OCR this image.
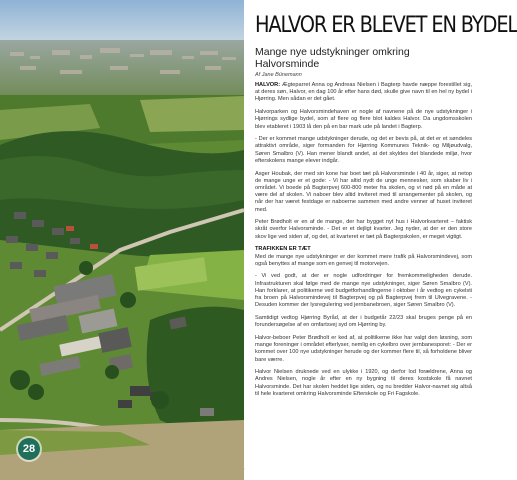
28
HALVOR ER BLEVET EN BYDEL

Mange nye udstykninger omkring Halvorsminde

Af Jane Bünemann

HALVOR: Ægteparret Anna og Andreas Nielsen i Bagterp havde næppe forestillet sig, at deres søn, Halvor, en dag 100 år efter hans død, skulle give navn til en hel ny bydel i Hjørring. Men sådan er det gået.

Halvorparken og Halvorsmindehaven er nogle af navnene på de nye udstykninger i Hjørrings sydlige bydel, som af flere og flere blot kaldes Halvor. Da ungdomsskolen blev etableret i 1903 lå den på en bar mark ude på landet i Bagterp.

- Der er kommet mange udstykninger derude, og det er bevis på, at det er et søndeles attraktivt område, siger formanden for Hjørring Kommunes Teknik- og Miljøudvalg, Søren Smalbro (V). Han mener blandt andet, at det skyldes det blandede miljø, hvor efterskolens mange elever indgår.

Asger Houbak, der med sin kone har boet tæt på Halvorsminde i 40 år, siger, at netop de mange unge er et gode: - Vi har altid nydt de unge mennesker, som skaber liv i området. Vi boede på Bagterpvej 600-800 meter fra skolen, og vi nød på en måde at være del af skolen. Vi naboer blev altid inviteret med til arrangementer på skolen, og når der har været festdage er naboerne sammen med andre venner af huset inviteret med.

Peter Brødholt er en af de mange, der har bygget nyt hus i Halvorkvarteret – faktisk skråt overfor Halvorsminde. - Det er et dejligt kvarter. Jeg nyder, at der er den store skov lige ved siden af, og det, at kvarteret er tæt på Bagterpskolen, er meget vigtigt.

TRAFIKKEN ER TÆT

Med de mange nye udstykninger er der kommet mere trafik på Halvorsmindevej, som også benyttes af mange som en genvej til motorvejen.

- Vi ved godt, at der er nogle udfordringer for fremkommeligheden derude. Infrastrukturen skal følge med de mange nye udstykninger, siger Søren Smalbro (V). Han forklarer, at politikerne ved budgetforhandlingerne i oktober i år vedtog en cykelsti fra broen på Halvorsmindevej til Bagterpvej og på Bagterpvej frem til Ulvegravene. - Desuden kommer der lysregulering ved jernbanebroen, siger Søren Smalbro (V).

Samtidigt vedtog Hjørring Byråd, at der i budgetår 22/23 skal bruges penge på en forundersøgelse af en omfartsvej syd om Hjørring by.

Halvor-beboer Peter Brødholt er ked af, at politikerne ikke har valgt den løsning, som mange foreninger i området efterlyser, nemlig en cykelbro over jernbanesporet: - Der er kommet over 100 nye udstykninger herude og der kommer flere til, så forholdene bliver bare værre.

Halvor Nielsen druknede ved en ulykke i 1920, og derfor lod forældrene, Anna og Andres Nielsen, nogle år efter en ny bygning til deres kostskole få navnet Halvorsminde. Det har skolen heddet lige siden, og nu bredder Halvor-navnet sig altså til hele kvarteret omkring Halvorsminde Efterskole og Fri Fagskole.
